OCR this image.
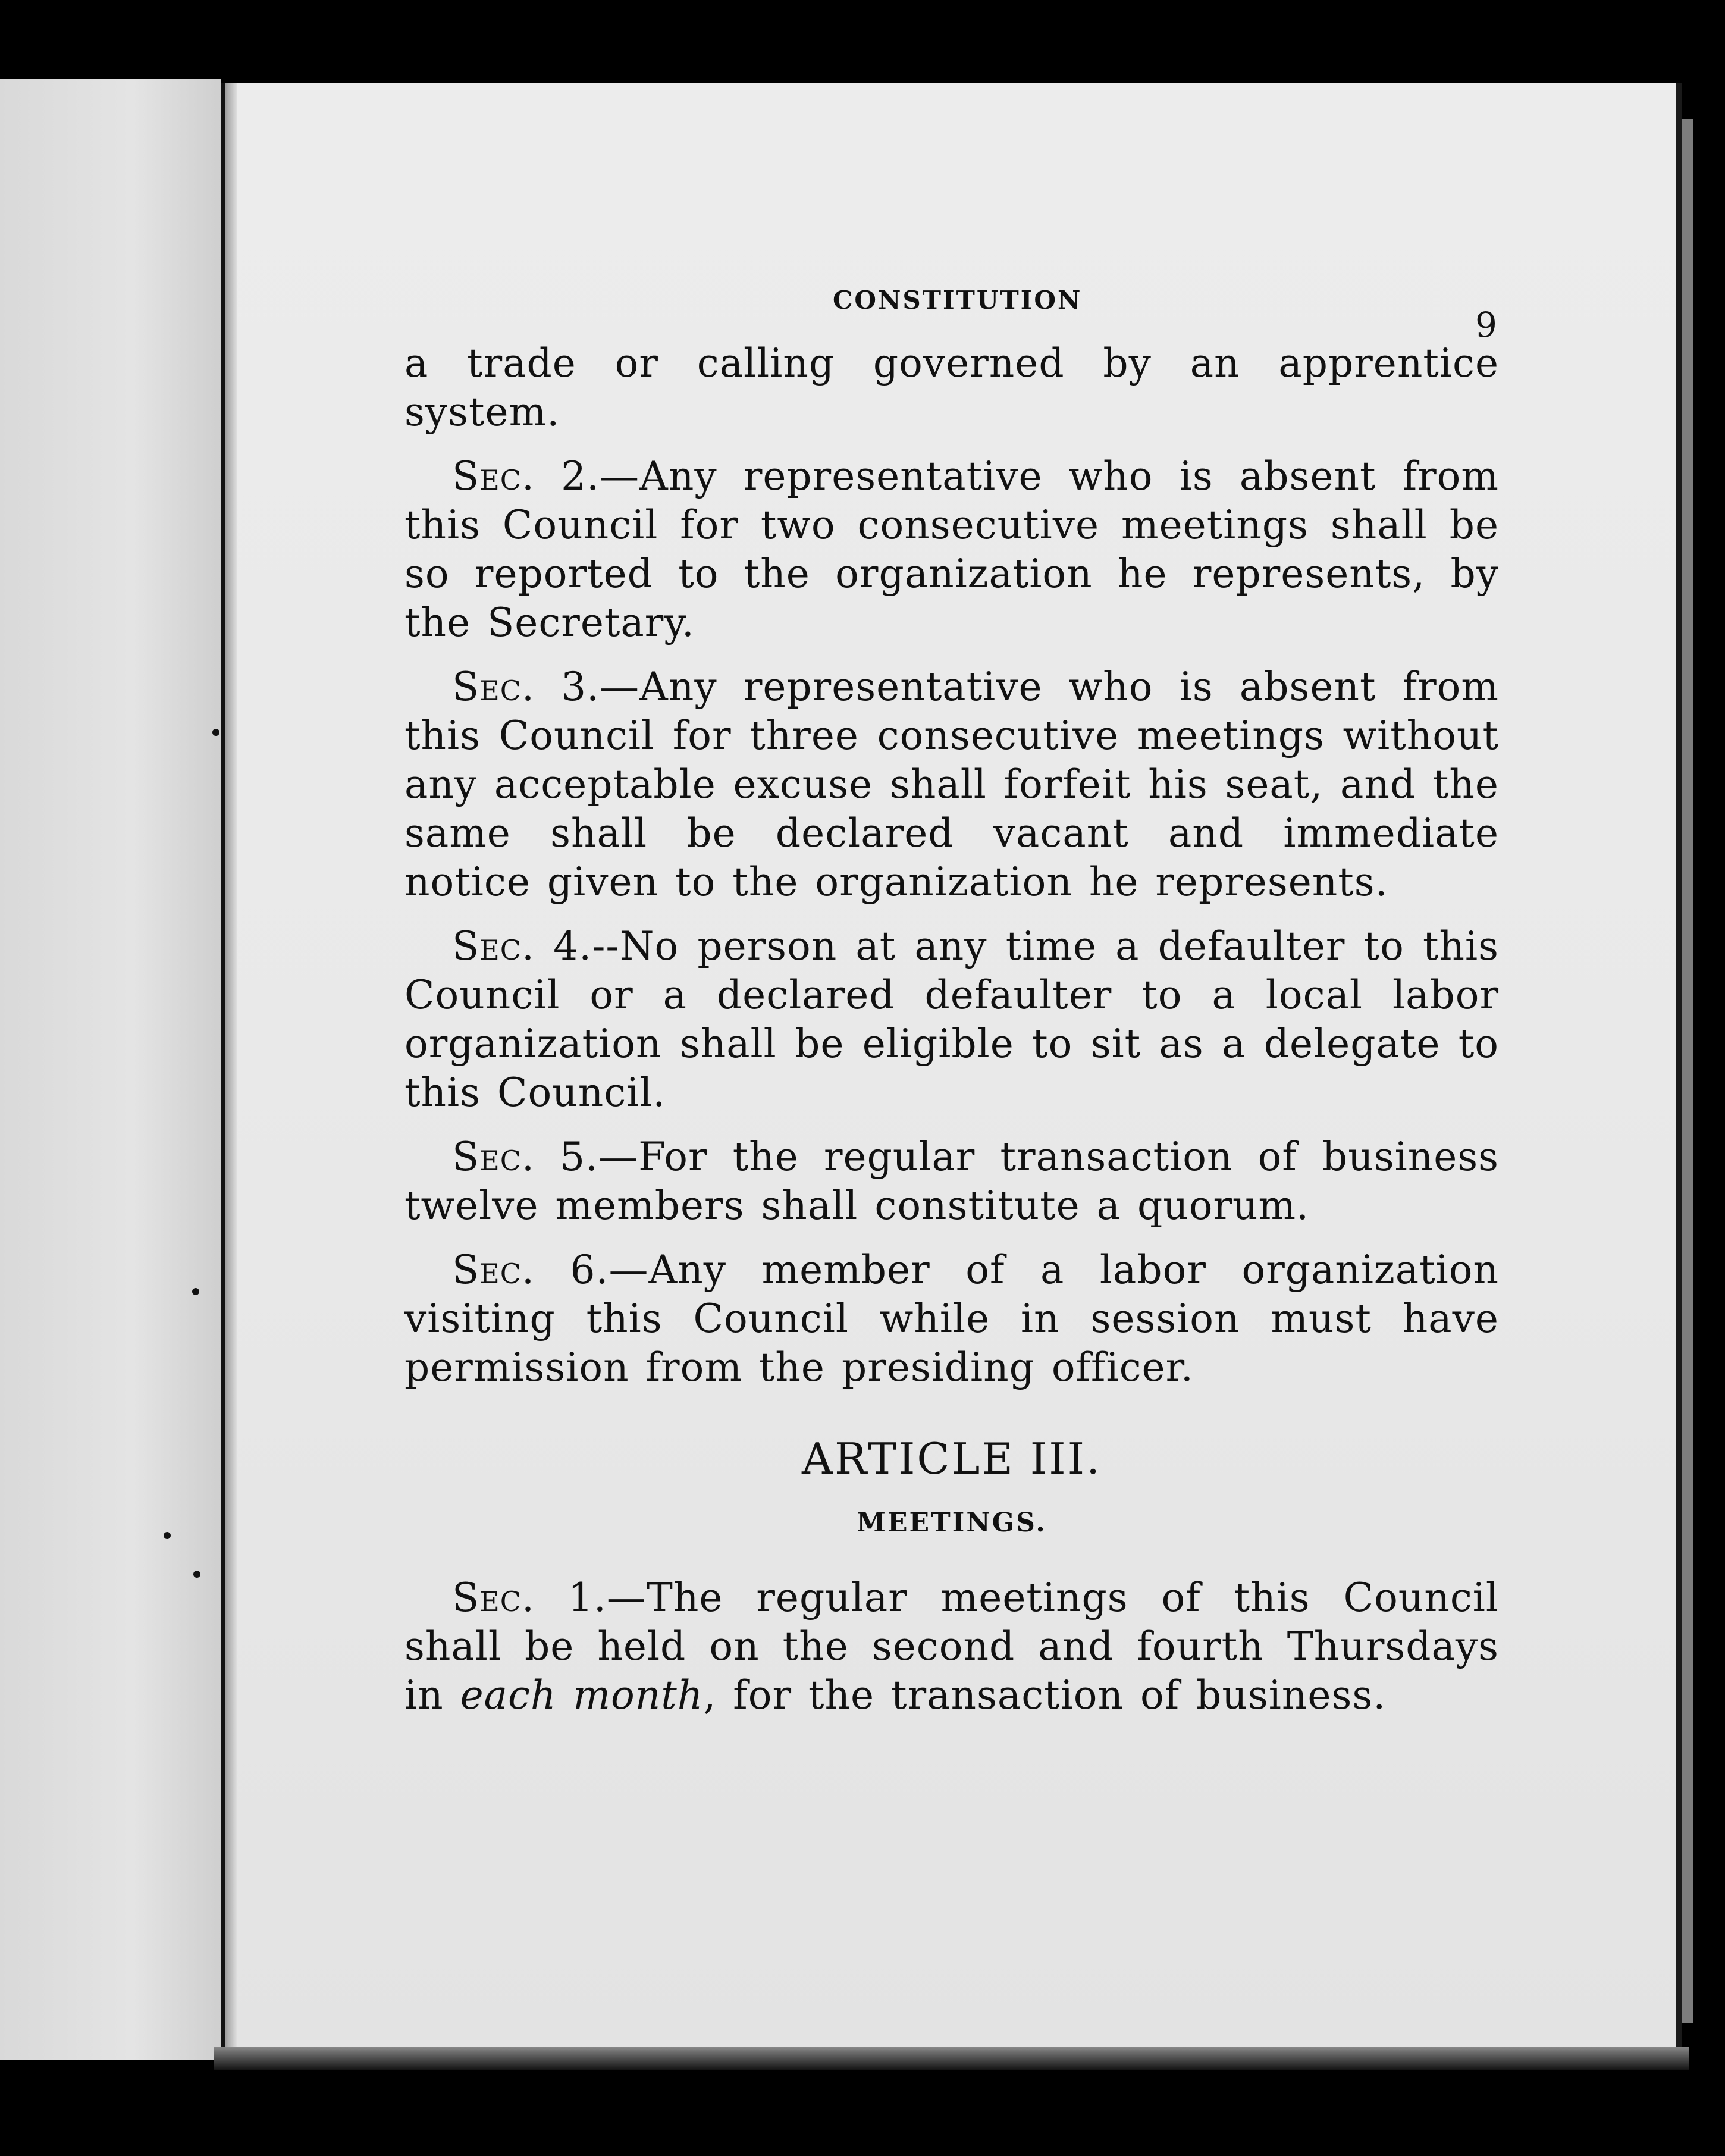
CONSTITUTION
9

a trade or calling governed by an apprentice system.

Sec. 2.—Any representative who is absent from this Council for two consecutive meetings shall be so reported to the organization he represents, by the Secretary.

Sec. 3.—Any representative who is absent from this Council for three consecutive meetings without any acceptable excuse shall forfeit his seat, and the same shall be declared vacant and immediate notice given to the organization he represents.

Sec. 4.--No person at any time a defaulter to this Council or a declared defaulter to a local labor organization shall be eligible to sit as a delegate to this Council.

Sec. 5.—For the regular transaction of business twelve members shall constitute a quorum.

Sec. 6.—Any member of a labor organization visiting this Council while in session must have permission from the presiding officer.

ARTICLE III.
MEETINGS.

Sec. 1.—The regular meetings of this Council shall be held on the second and fourth Thursdays in each month, for the transaction of business.
